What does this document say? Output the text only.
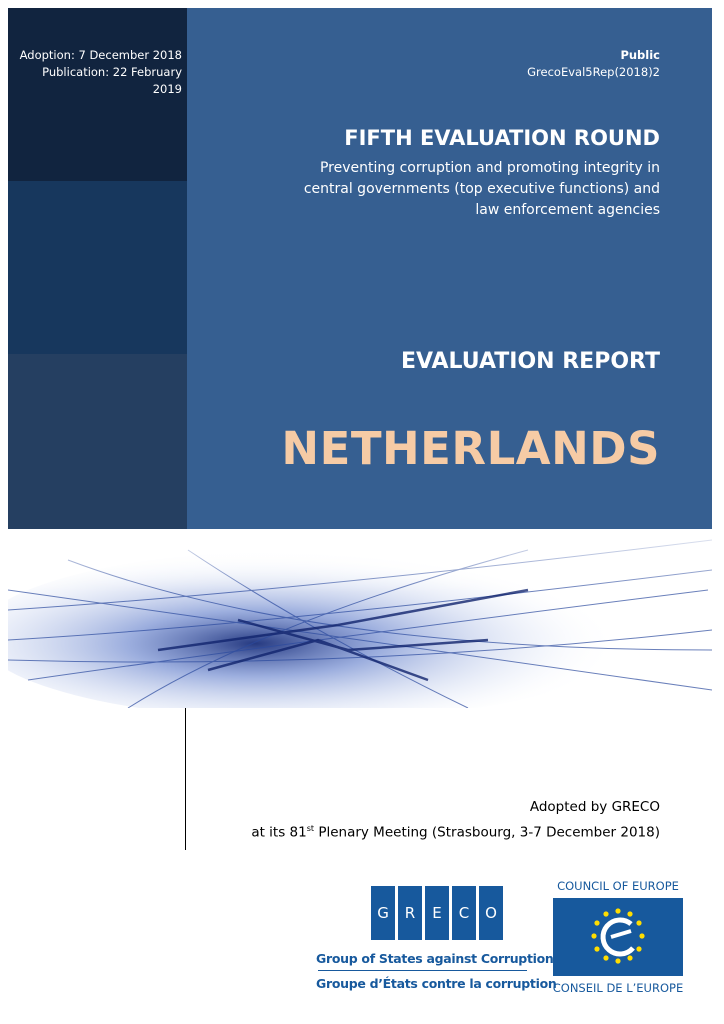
Adoption: 7 December 2018
Publication: 22 February 2019
Public
GrecoEval5Rep(2018)2
FIFTH EVALUATION ROUND
Preventing corruption and promoting integrity in
central governments (top executive functions) and
law enforcement agencies
EVALUATION REPORT
NETHERLANDS
Adopted by GRECO
at its 81st Plenary Meeting (Strasbourg, 3-7 December 2018)
G	R	E	C	O
Group of States against Corruption
Groupe d’États contre la corruption
COUNCIL OF EUROPE
CONSEIL DE L’EUROPE
